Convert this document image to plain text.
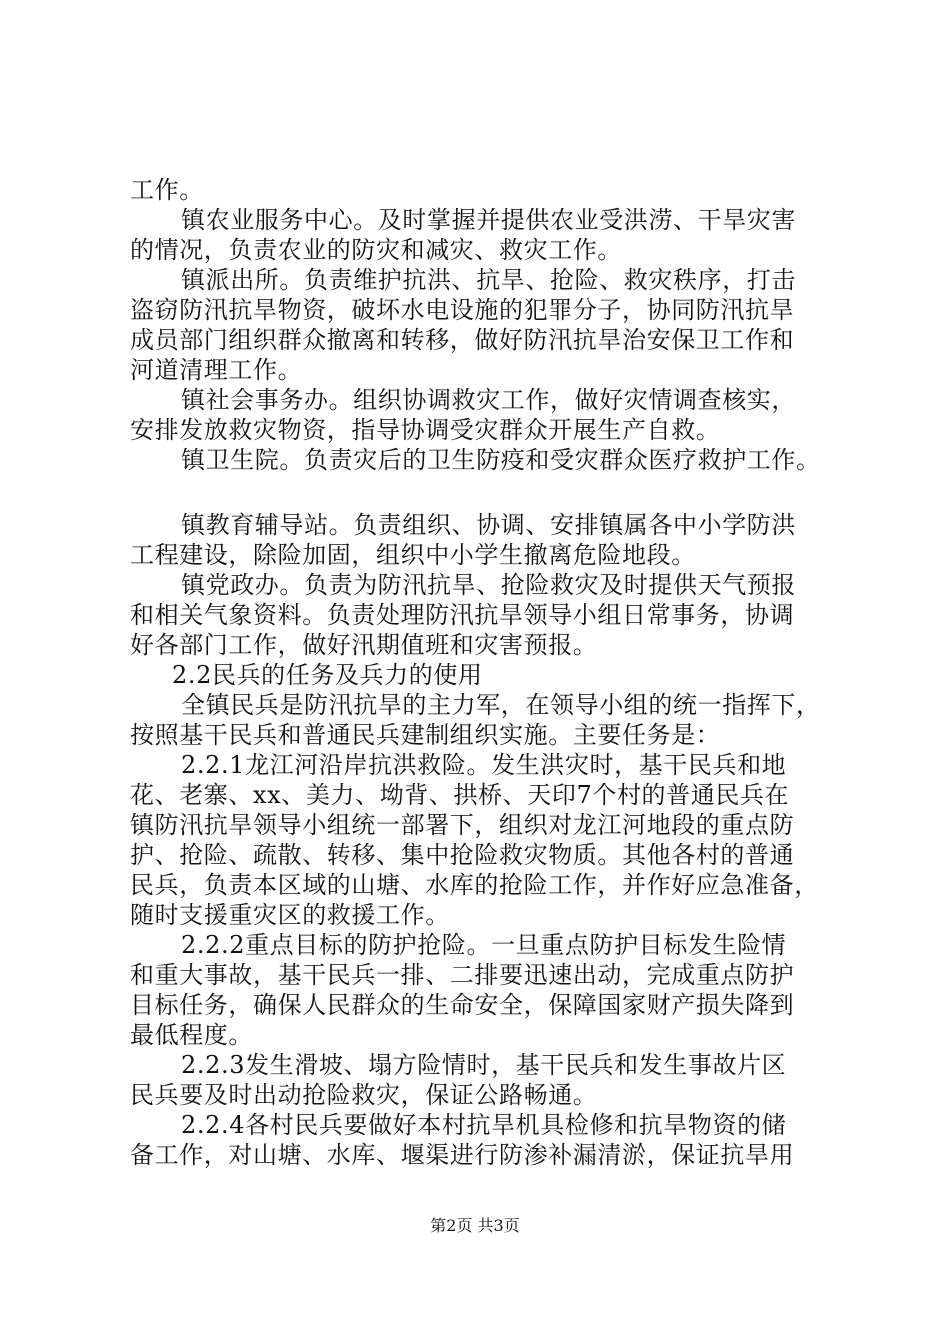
工作。
镇农业服务中心。及时掌握并提供农业受洪涝、干旱灾害
的情况，负责农业的防灾和减灾、救灾工作。
镇派出所。负责维护抗洪、抗旱、抢险、救灾秩序，打击
盗窃防汛抗旱物资，破坏水电设施的犯罪分子，协同防汛抗旱
成员部门组织群众撤离和转移，做好防汛抗旱治安保卫工作和
河道清理工作。
镇社会事务办。组织协调救灾工作，做好灾情调查核实，
安排发放救灾物资，指导协调受灾群众开展生产自救。
镇卫生院。负责灾后的卫生防疫和受灾群众医疗救护工作。
镇教育辅导站。负责组织、协调、安排镇属各中小学防洪
工程建设，除险加固，组织中小学生撤离危险地段。
镇党政办。负责为防汛抗旱、抢险救灾及时提供天气预报
和相关气象资料。负责处理防汛抗旱领导小组日常事务，协调
好各部门工作，做好汛期值班和灾害预报。
2.2民兵的任务及兵力的使用
全镇民兵是防汛抗旱的主力军，在领导小组的统一指挥下，
按照基干民兵和普通民兵建制组织实施。主要任务是：
2.2.1龙江河沿岸抗洪救险。发生洪灾时，基干民兵和地
花、老寨、xx、美力、坳背、拱桥、天印7个村的普通民兵在
镇防汛抗旱领导小组统一部署下，组织对龙江河地段的重点防
护、抢险、疏散、转移、集中抢险救灾物质。其他各村的普通
民兵，负责本区域的山塘、水库的抢险工作，并作好应急准备，
随时支援重灾区的救援工作。
2.2.2重点目标的防护抢险。一旦重点防护目标发生险情
和重大事故，基干民兵一排、二排要迅速出动，完成重点防护
目标任务，确保人民群众的生命安全，保障国家财产损失降到
最低程度。
2.2.3发生滑坡、塌方险情时，基干民兵和发生事故片区
民兵要及时出动抢险救灾，保证公路畅通。
2.2.4各村民兵要做好本村抗旱机具检修和抗旱物资的储
备工作，对山塘、水库、堰渠进行防渗补漏清淤，保证抗旱用
第2页 共3页
